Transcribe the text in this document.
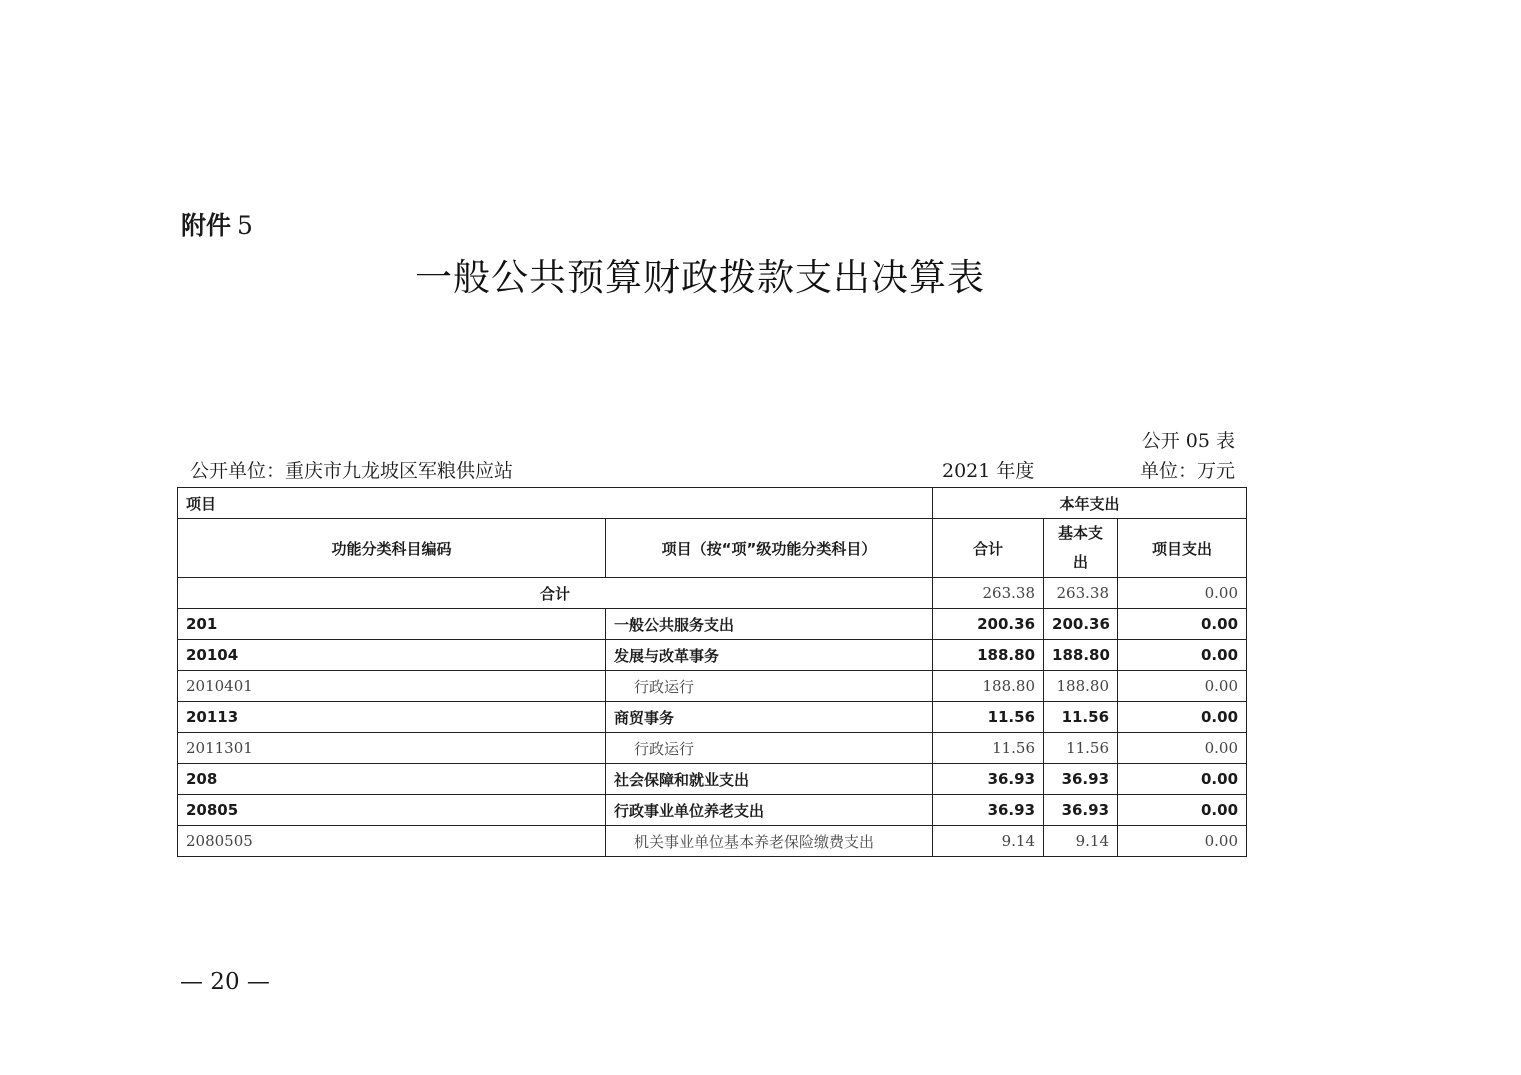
附件 5
一般公共预算财政拨款支出决算表
公开 05 表
公开单位：重庆市九龙坡区军粮供应站	2021 年度	单位：万元
项目		本年支出		
功能分类科目编码	项目（按“项”级功能分类科目）	合计	基本支出	项目支出
合计		263.38	263.38	0.00
201	一般公共服务支出	200.36	200.36	0.00
20104	发展与改革事务	188.80	188.80	0.00
2010401	行政运行	188.80	188.80	0.00
20113	商贸事务	11.56	11.56	0.00
2011301	行政运行	11.56	11.56	0.00
208	社会保障和就业支出	36.93	36.93	0.00
20805	行政事业单位养老支出	36.93	36.93	0.00
2080505	机关事业单位基本养老保险缴费支出	9.14	9.14	0.00
— 20 —
